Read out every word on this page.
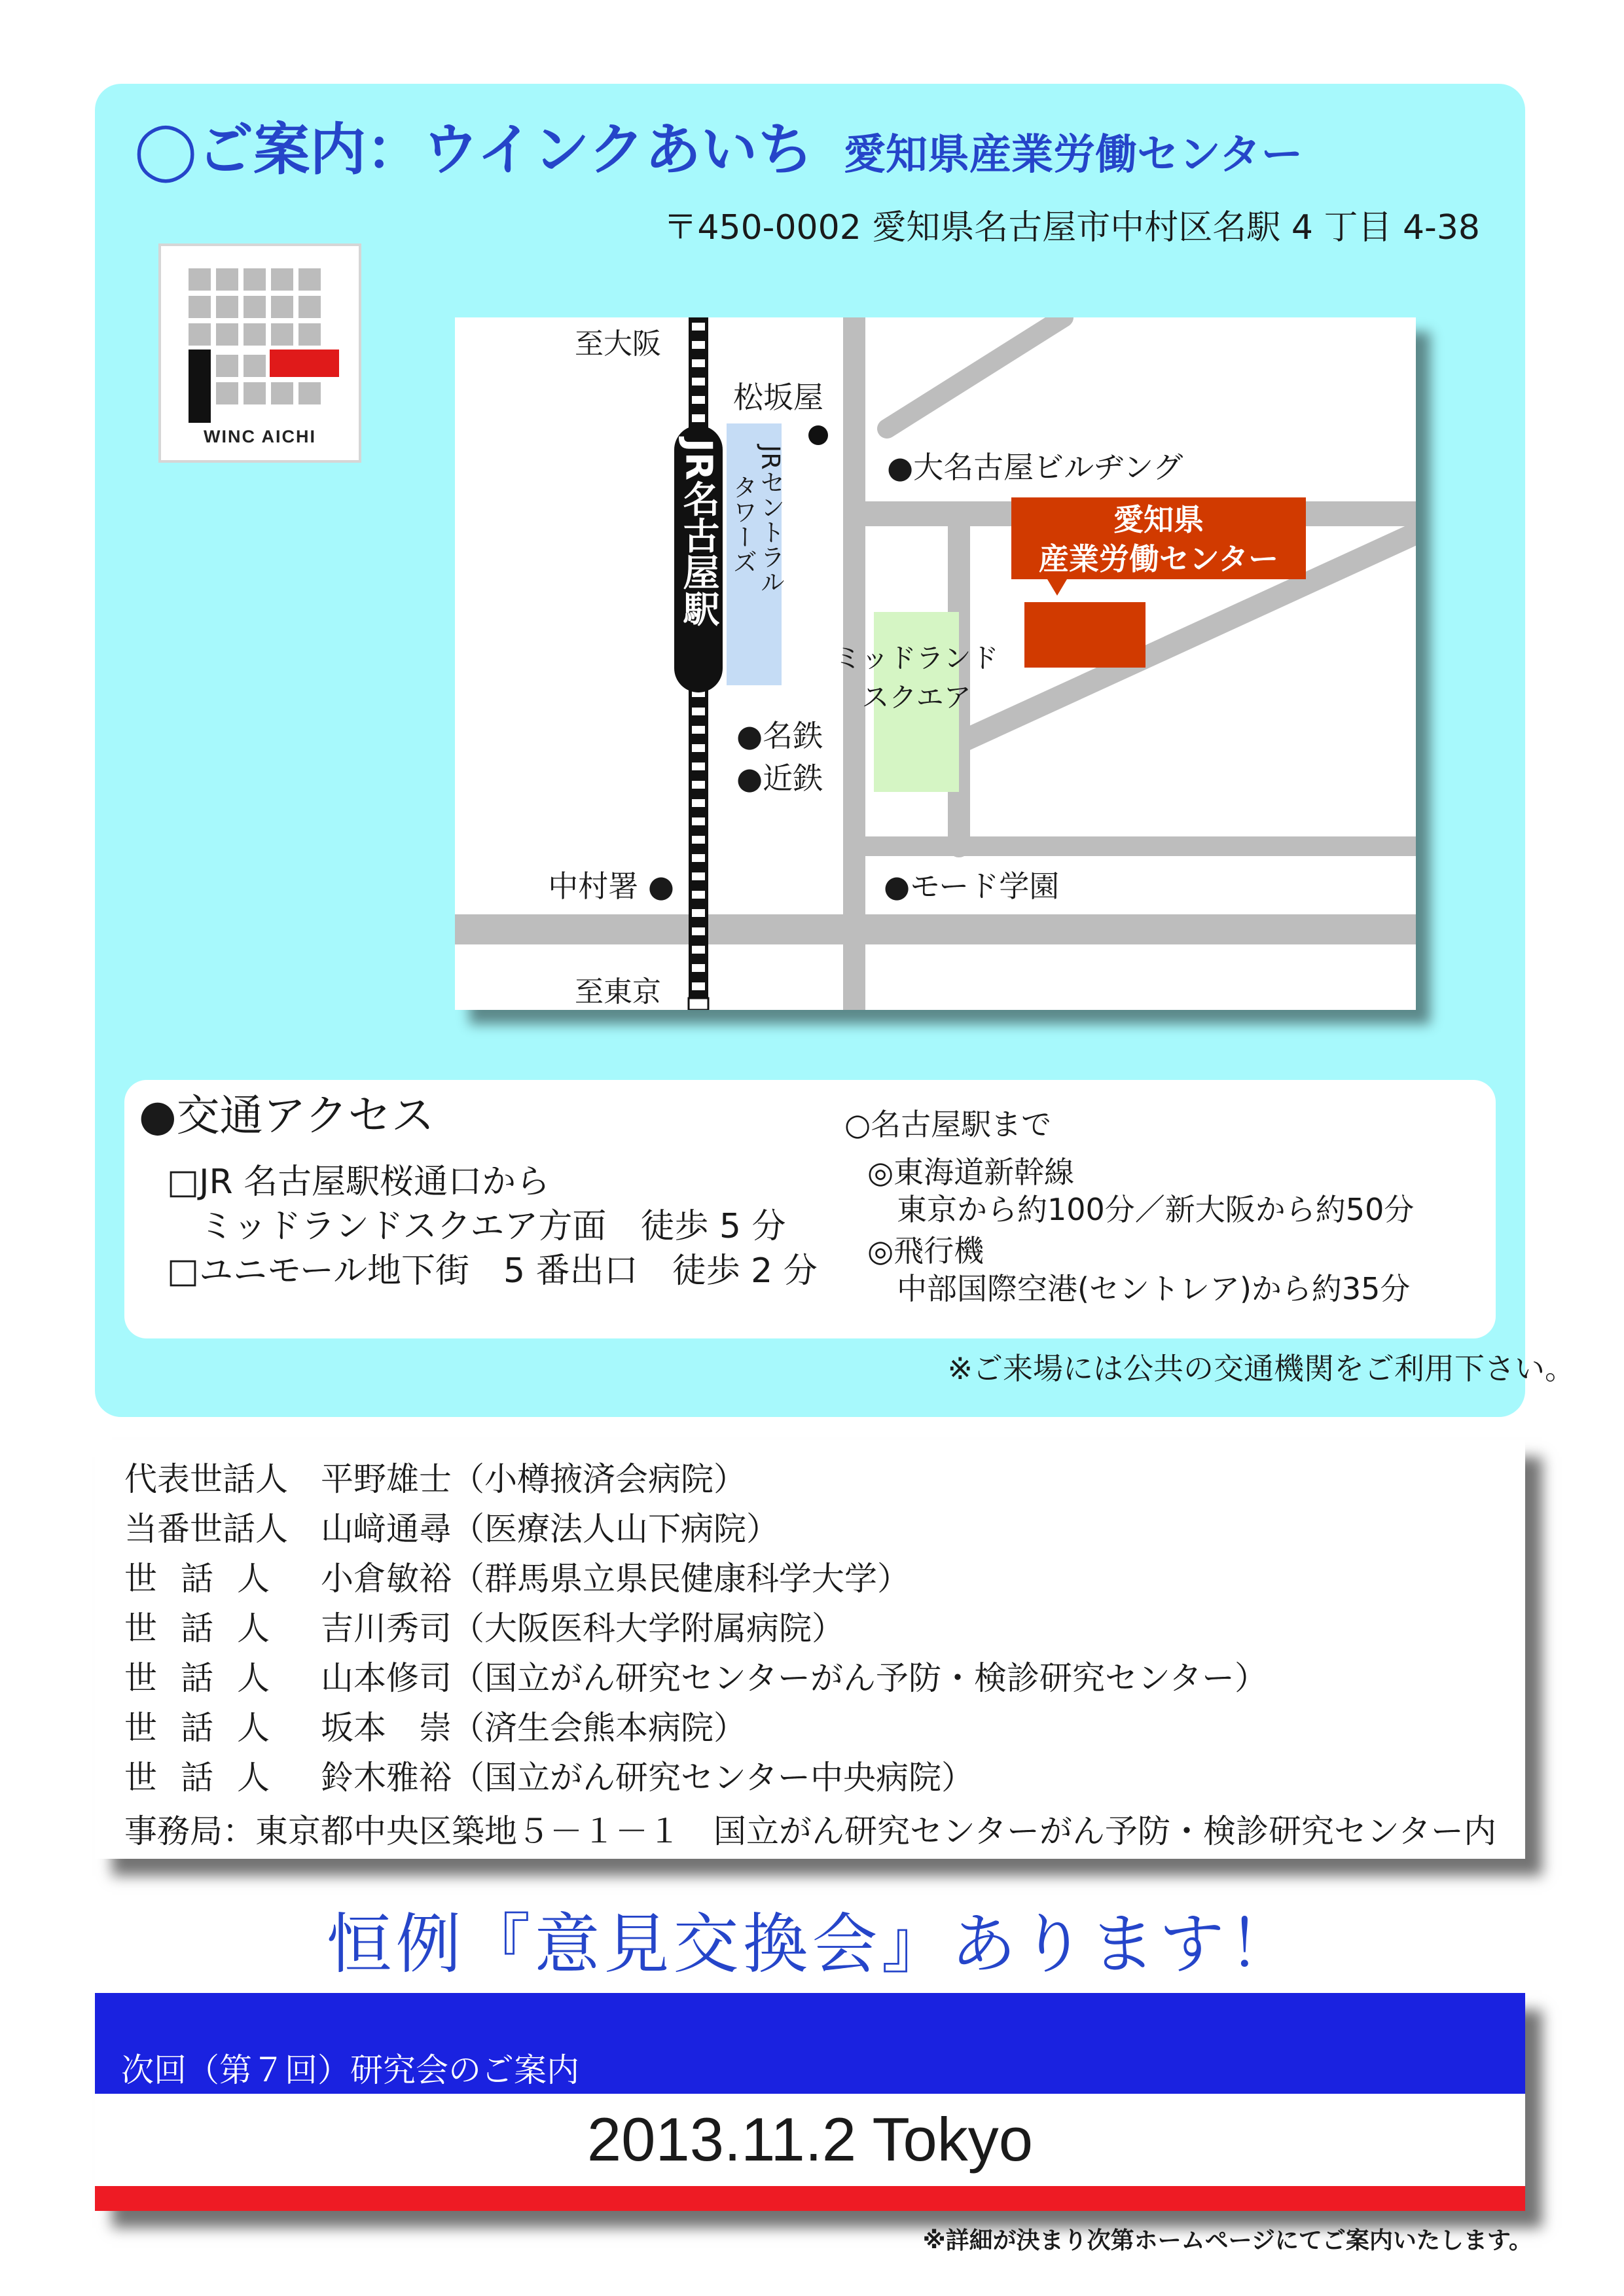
◯ご案内：ウインクあいち 愛知県産業労働センター
〒450-0002 愛知県名古屋市中村区名駅 4 丁目 4-38
WINC AICHI
至大阪
至東京
松坂屋
JR名古屋駅 JRセントラル
タワーズ
●大名古屋ビルヂング
愛知県
産業労働センター
ミッドランド
スクエア
●名鉄
●近鉄
中村署 ●	●モード学園
●交通アクセス
□JR 名古屋駅桜通口から
ミッドランドスクエア方面　徒歩 5 分
□ユニモール地下街　5 番出口　徒歩 2 分
○名古屋駅まで
◎東海道新幹線
東京から約100分／新大阪から約50分
◎飛行機
中部国際空港(セントレア)から約35分
※ご来場には公共の交通機関をご利用下さい。
代表世話人 平野雄士（小樽掖済会病院）
当番世話人 山﨑通尋（医療法人山下病院）
世話人 小倉敏裕（群馬県立県民健康科学大学）
世話人 吉川秀司（大阪医科大学附属病院）
世話人 山本修司（国立がん研究センターがん予防・検診研究センター）
世話人 坂本　崇（済生会熊本病院）
世話人 鈴木雅裕（国立がん研究センター中央病院）
事務局：東京都中央区築地５－１－１　国立がん研究センターがん予防・検診研究センター内
恒例『意見交換会』あります！
次回（第７回）研究会のご案内
2013.11.2 Tokyo
※詳細が決まり次第ホームページにてご案内いたします。
